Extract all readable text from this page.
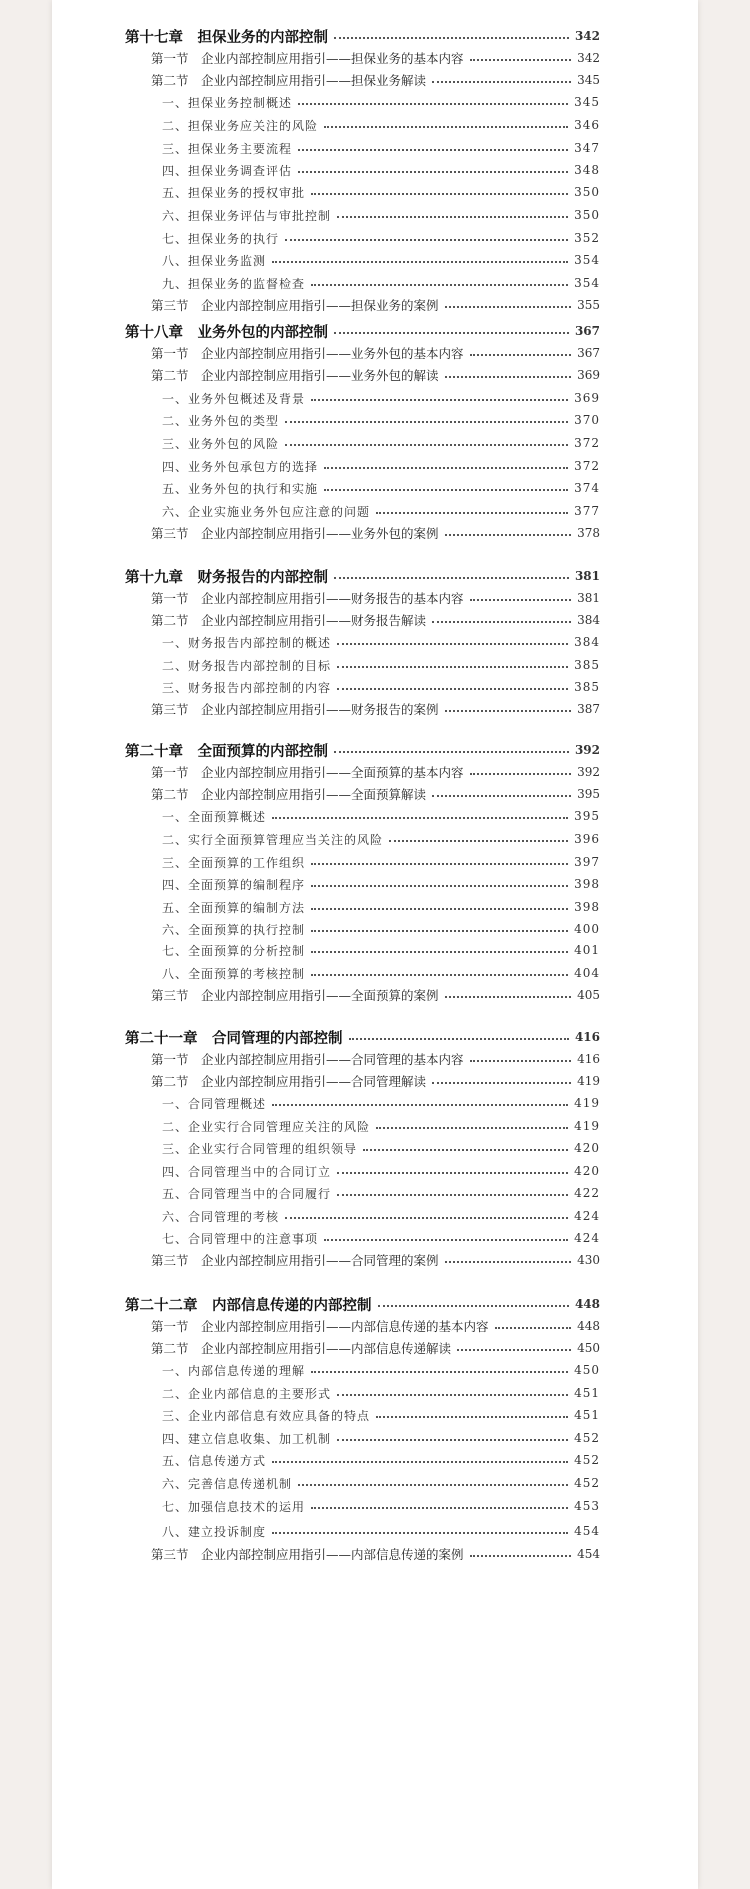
第十七章　担保业务的内部控制	342
第一节　企业内部控制应用指引——担保业务的基本内容	342
第二节　企业内部控制应用指引——担保业务解读	345
一、担保业务控制概述	345
二、担保业务应关注的风险	346
三、担保业务主要流程	347
四、担保业务调查评估	348
五、担保业务的授权审批	350
六、担保业务评估与审批控制	350
七、担保业务的执行	352
八、担保业务监测	354
九、担保业务的监督检查	354
第三节　企业内部控制应用指引——担保业务的案例	355
第十八章　业务外包的内部控制	367
第一节　企业内部控制应用指引——业务外包的基本内容	367
第二节　企业内部控制应用指引——业务外包的解读	369
一、业务外包概述及背景	369
二、业务外包的类型	370
三、业务外包的风险	372
四、业务外包承包方的选择	372
五、业务外包的执行和实施	374
六、企业实施业务外包应注意的问题	377
第三节　企业内部控制应用指引——业务外包的案例	378
第十九章　财务报告的内部控制	381
第一节　企业内部控制应用指引——财务报告的基本内容	381
第二节　企业内部控制应用指引——财务报告解读	384
一、财务报告内部控制的概述	384
二、财务报告内部控制的目标	385
三、财务报告内部控制的内容	385
第三节　企业内部控制应用指引——财务报告的案例	387
第二十章　全面预算的内部控制	392
第一节　企业内部控制应用指引——全面预算的基本内容	392
第二节　企业内部控制应用指引——全面预算解读	395
一、全面预算概述	395
二、实行全面预算管理应当关注的风险	396
三、全面预算的工作组织	397
四、全面预算的编制程序	398
五、全面预算的编制方法	398
六、全面预算的执行控制	400
七、全面预算的分析控制	401
八、全面预算的考核控制	404
第三节　企业内部控制应用指引——全面预算的案例	405
第二十一章　合同管理的内部控制	416
第一节　企业内部控制应用指引——合同管理的基本内容	416
第二节　企业内部控制应用指引——合同管理解读	419
一、合同管理概述	419
二、企业实行合同管理应关注的风险	419
三、企业实行合同管理的组织领导	420
四、合同管理当中的合同订立	420
五、合同管理当中的合同履行	422
六、合同管理的考核	424
七、合同管理中的注意事项	424
第三节　企业内部控制应用指引——合同管理的案例	430
第二十二章　内部信息传递的内部控制	448
第一节　企业内部控制应用指引——内部信息传递的基本内容	448
第二节　企业内部控制应用指引——内部信息传递解读	450
一、内部信息传递的理解	450
二、企业内部信息的主要形式	451
三、企业内部信息有效应具备的特点	451
四、建立信息收集、加工机制	452
五、信息传递方式	452
六、完善信息传递机制	452
七、加强信息技术的运用	453
八、建立投诉制度	454
第三节　企业内部控制应用指引——内部信息传递的案例	454
